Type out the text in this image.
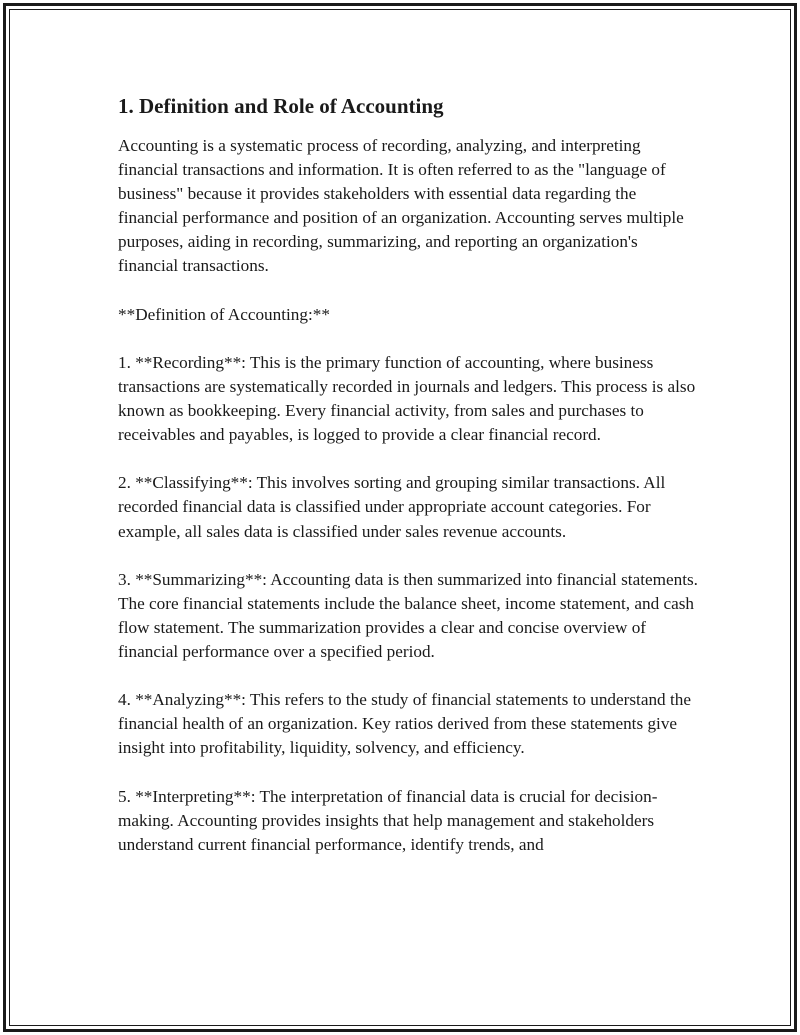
1. Definition and Role of Accounting

Accounting is a systematic process of recording, analyzing, and interpreting financial transactions and information. It is often referred to as the "language of business" because it provides stakeholders with essential data regarding the financial performance and position of an organization. Accounting serves multiple purposes, aiding in recording, summarizing, and reporting an organization's financial transactions.

**Definition of Accounting:**

1. **Recording**: This is the primary function of accounting, where business transactions are systematically recorded in journals and ledgers. This process is also known as bookkeeping. Every financial activity, from sales and purchases to receivables and payables, is logged to provide a clear financial record.

2. **Classifying**: This involves sorting and grouping similar transactions. All recorded financial data is classified under appropriate account categories. For example, all sales data is classified under sales revenue accounts.

3. **Summarizing**: Accounting data is then summarized into financial statements. The core financial statements include the balance sheet, income statement, and cash flow statement. The summarization provides a clear and concise overview of financial performance over a specified period.

4. **Analyzing**: This refers to the study of financial statements to understand the financial health of an organization. Key ratios derived from these statements give insight into profitability, liquidity, solvency, and efficiency.

5. **Interpreting**: The interpretation of financial data is crucial for decision-making. Accounting provides insights that help management and stakeholders understand current financial performance, identify trends, and
